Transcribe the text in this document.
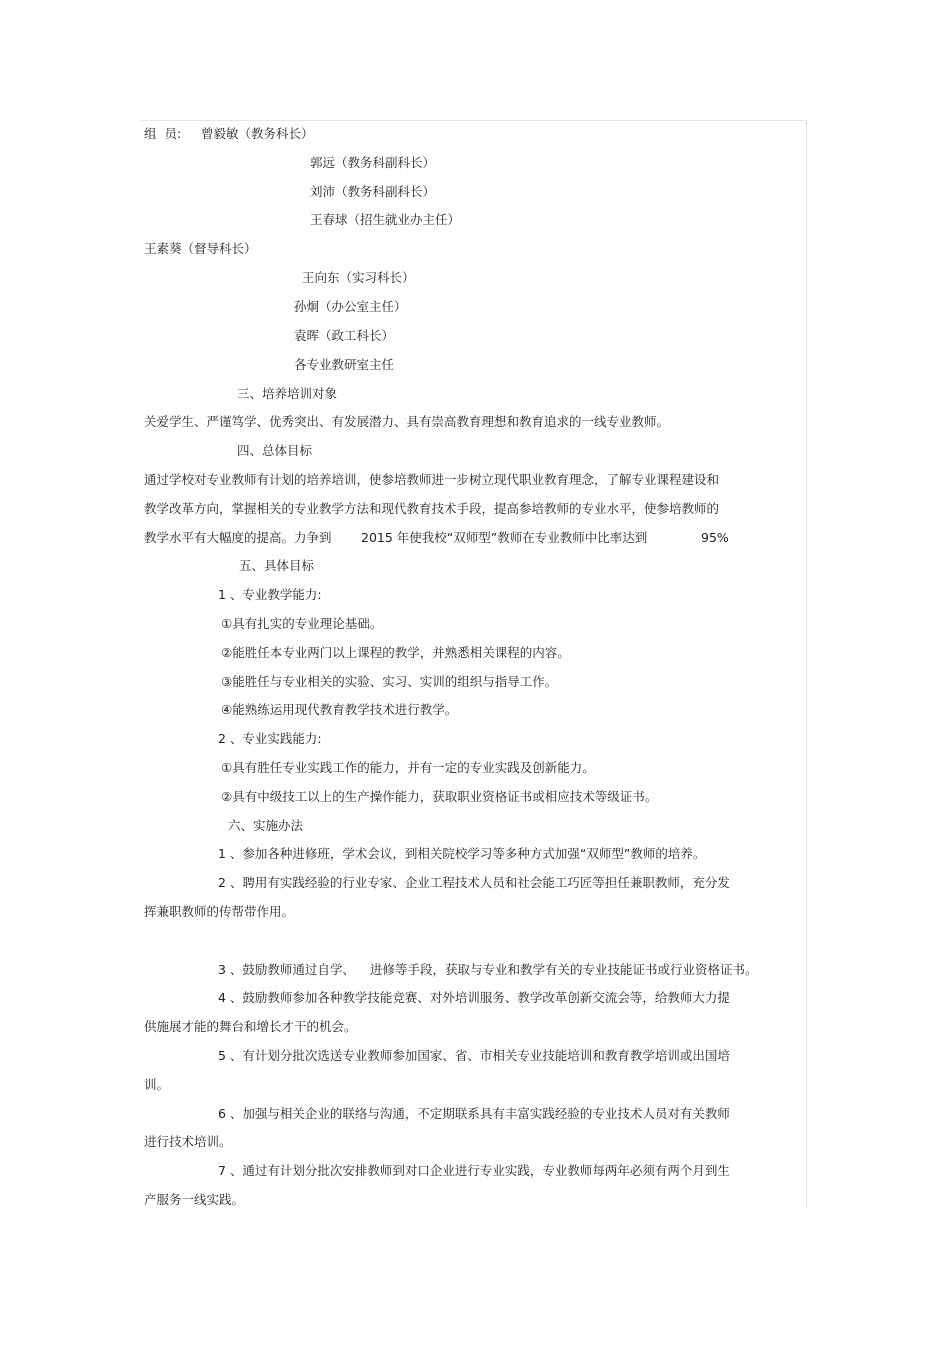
组  员: 曾毅敏（教务科长）
郭远（教务科副科长）
刘沛（教务科副科长）
王春球（招生就业办主任）
王素葵（督导科长）
王向东（实习科长）
孙炯（办公室主任）
袁晖（政工科长）
各专业教研室主任
三、培养培训对象
关爱学生、严谨笃学、优秀突出、有发展潜力、具有崇高教育理想和教育追求的一线专业教师。
四、总体目标
通过学校对专业教师有计划的培养培训，使参培教师进一步树立现代职业教育理念，了解专业课程建设和
教学改革方向，掌握相关的专业教学方法和现代教育技术手段，提高参培教师的专业水平，使参培教师的
教学水平有大幅度的提高。力争到 2015 年使我校“双师型”教师在专业教师中比率达到	95%
五、具体目标
1 、专业教学能力:
①具有扎实的专业理论基础。
②能胜任本专业两门以上课程的教学，并熟悉相关课程的内容。
③能胜任与专业相关的实验、实习、实训的组织与指导工作。
④能熟练运用现代教育教学技术进行教学。
2 、专业实践能力:
①具有胜任专业实践工作的能力，并有一定的专业实践及创新能力。
②具有中级技工以上的生产操作能力，获取职业资格证书或相应技术等级证书。
六、实施办法
1 、参加各种进修班，学术会议，到相关院校学习等多种方式加强“双师型”教师的培养。
2 、聘用有实践经验的行业专家、企业工程技术人员和社会能工巧匠等担任兼职教师，充分发
挥兼职教师的传帮带作用。
3 、鼓励教师通过自学、 进修等手段，获取与专业和教学有关的专业技能证书或行业资格证书。
4 、鼓励教师参加各种教学技能竞赛、对外培训服务、教学改革创新交流会等，给教师大力提
供施展才能的舞台和增长才干的机会。
5 、有计划分批次选送专业教师参加国家、省、市相关专业技能培训和教育教学培训或出国培
训。
6 、加强与相关企业的联络与沟通，不定期联系具有丰富实践经验的专业技术人员对有关教师
进行技术培训。
7 、通过有计划分批次安排教师到对口企业进行专业实践，专业教师每两年必须有两个月到生
产服务一线实践。
